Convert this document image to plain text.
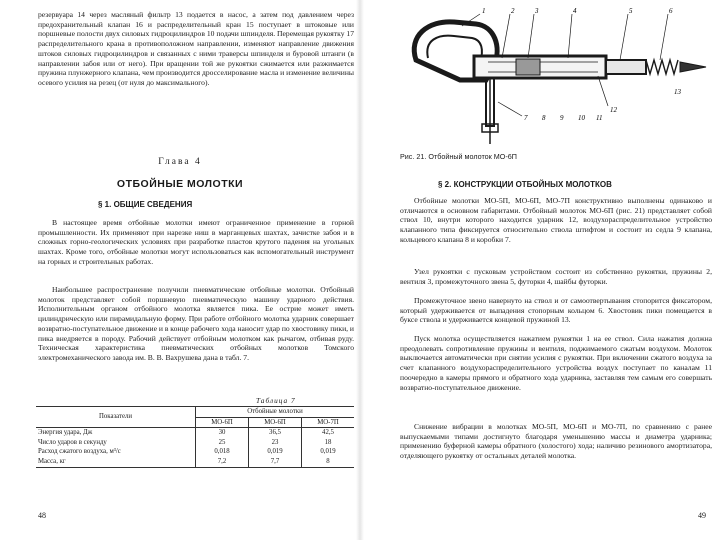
резервуара 14 через масляный фильтр 13 подается в насос, а затем под давлением через предохранительный клапан 16 и распределительный кран 15 поступает в штоковые или поршневые полости двух силовых гидроцилиндров 10 подачи шпинделя. Перемещая рукоятку 17 распределительного крана в противоположном направлении, изменяют направление движения штоков силовых гидроцилиндров и связанных с ними траверсы шпинделя и буровой штанги (в направлении забоя или от него). При вращении той же рукоятки сжимается или разжимается пружина плунжерного клапана, чем производится дросселирование масла и изменение величины осевого усилия на резец (от нуля до максимального).

Глава 4

ОТБОЙНЫЕ МОЛОТКИ

§ 1. ОБЩИЕ СВЕДЕНИЯ

В настоящее время отбойные молотки имеют ограниченное применение в горной промышленности. Их применяют при нарезке ниш в марганцевых шахтах, зачистке забоя и в сложных горно-геологических условиях при разработке пластов крутого падения на угольных шахтах. Кроме того, отбойные молотки могут использоваться как вспомогательный инструмент на горных и строительных работах.

Наибольшее распространение получили пневматические отбойные молотки. Отбойный молоток представляет собой поршневую пневматическую машину ударного действия. Исполнительным органом отбойного молотка является пика. Ее острие может иметь цилиндрическую или пирамидальную форму. При работе отбойного молотка ударник совершает возвратно-поступательное движение и в конце рабочего хода наносит удар по хвостовику пики, и пика внедряется в породу. Рабочий действует отбойным молотком как рычагом, отбивая руду. Техническая характеристика пневматических отбойных молотков Томского электромеханического завода им. В. В. Вахрушева дана в табл. 7.

Таблица 7

Показатели	Отбойные молотки		
	МО-6П	МО-6П	МО-7П
Энергия удара, Дж	30	36,5	42,5
Число ударов в секунду	25	23	18
Расход сжатого воздуха, м³/с	0,018	0,019	0,019
Масса, кг	7,2	7,7	8

48

1	2	3	4	5	6
7 8 9 10 11
12
13

Рис. 21. Отбойный молоток МО-6П

§ 2. КОНСТРУКЦИИ ОТБОЙНЫХ МОЛОТКОВ

Отбойные молотки МО-5П, МО-6П, МО-7П конструктивно выполнены одинаково и отличаются в основном габаритами. Отбойный молоток МО-6П (рис. 21) представляет собой ствол 10, внутри которого находится ударник 12, воздухораспределительное устройство клапанного типа фиксируется относительно ствола штифтом и состоит из седла 9 клапана, кольцевого клапана 8 и коробки 7.

Узел рукоятки с пусковым устройством состоит из собственно рукоятки, пружины 2, вентиля 3, промежуточного звена 5, футорки 4, шайбы футорки.

Промежуточное звено навернуто на ствол и от самоотвертывания стопорится фиксатором, который удерживается от выпадения стопорным кольцом 6. Хвостовик пики помещается в буксе ствола и удерживается концевой пружиной 13.

Пуск молотка осуществляется нажатием рукоятки 1 на ее ствол. Сила нажатия должна преодолевать сопротивление пружины и вентиля, поджимаемого сжатым воздухом. Молоток выключается автоматически при снятии усилия с рукоятки. При включении сжатого воздуха за счет клапанного воздухораспределительного устройства воздух поступает по каналам 11 поочередно в камеры прямого и обратного хода ударника, заставляя тем самым его совершать возвратно-поступательное движение.

Снижение вибрации в молотках МО-5П, МО-6П и МО-7П, по сравнению с ранее выпускаемыми типами достигнуто благодаря уменьшению массы и диаметра ударника; применению буферной камеры обратного (холостого) хода; наличию резинового амортизатора, отделяющего рукоятку от остальных деталей молотка.

49
